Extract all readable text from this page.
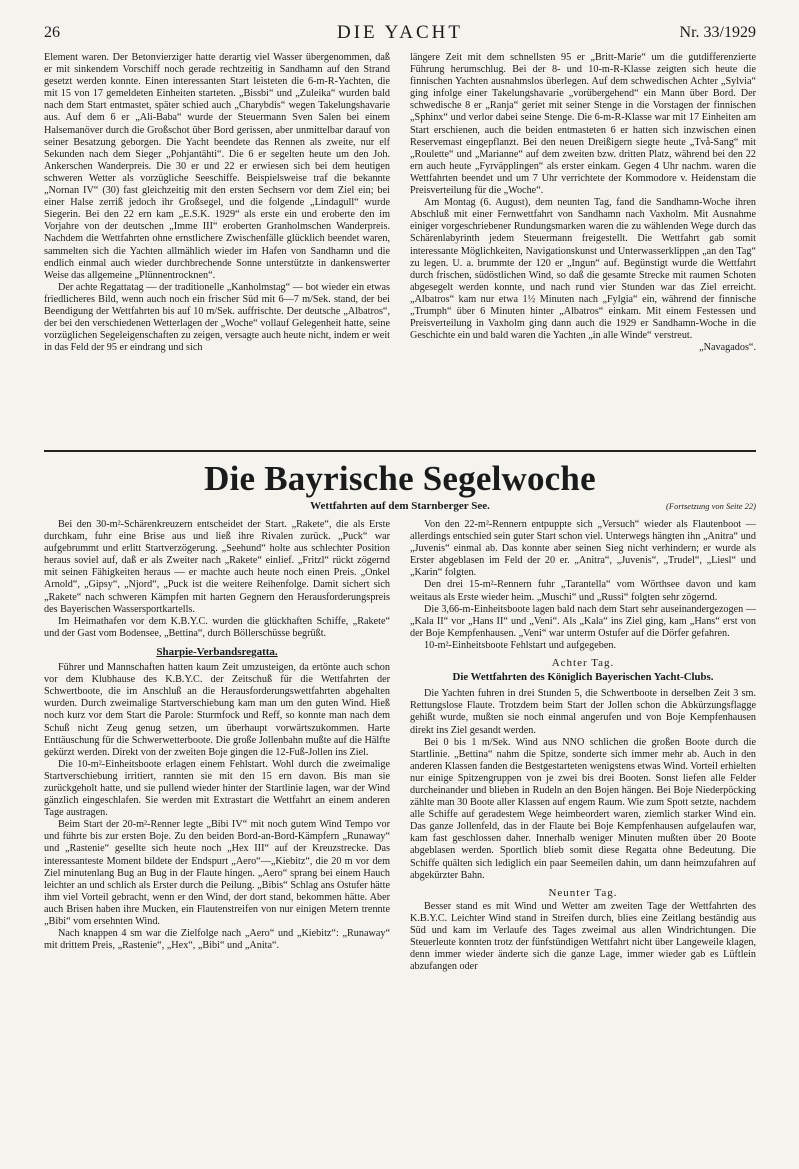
26	DIE YACHT	Nr. 33/1929

Element waren. Der Betonvierziger hatte derartig viel Wasser übergenommen, daß er mit sinkendem Vorschiff noch gerade rechtzeitig in Sandhamn auf den Strand gesetzt werden konnte. Einen interessanten Start leisteten die 6-m-R-Yachten, die mit 15 von 17 gemeldeten Einheiten starteten. „Bissbi“ und „Zuleika“ wurden bald nach dem Start entmastet, später schied auch „Charybdis“ wegen Takelungshavarie aus. Auf dem 6 er „Ali-Baba“ wurde der Steuermann Sven Salen bei einem Halsemanöver durch die Großschot über Bord gerissen, aber unmittelbar darauf von seiner Besatzung geborgen. Die Yacht beendete das Rennen als zweite, nur elf Sekunden nach dem Sieger „Pohjantähti“. Die 6 er segelten heute um den Joh. Ankerschen Wanderpreis. Die 30 er und 22 er erwiesen sich bei dem heutigen schweren Wetter als vorzügliche Seeschiffe. Beispielsweise traf die bekannte „Nornan IV“ (30) fast gleichzeitig mit den ersten Sechsern vor dem Ziel ein; bei einer Halse zerriß jedoch ihr Großsegel, und die folgende „Lindagull“ wurde Siegerin. Bei den 22 ern kam „E.S.K. 1929“ als erste ein und eroberte den im Vorjahre von der deutschen „Imme III“ eroberten Granholmschen Wanderpreis. Nachdem die Wettfahrten ohne ernstlichere Zwischenfälle glücklich beendet waren, sammelten sich die Yachten allmählich wieder im Hafen von Sandhamn und die endlich einmal auch wieder durchbrechende Sonne unterstützte in dankenswerter Weise das allgemeine „Plünnentrocknen“.

Der achte Regattatag — der traditionelle „Kanholmstag“ — bot wieder ein etwas friedlicheres Bild, wenn auch noch ein frischer Süd mit 6—7 m/Sek. stand, der bei Beendigung der Wettfahrten bis auf 10 m/Sek. auffrischte. Der deutsche „Albatros“, der bei den verschiedenen Wetterlagen der „Woche“ vollauf Gelegenheit hatte, seine vorzüglichen Segeleigenschaften zu zeigen, versagte auch heute nicht, indem er weit in das Feld der 95 er eindrang und sich

längere Zeit mit dem schnellsten 95 er „Britt-Marie“ um die gutdifferenzierte Führung herumschlug. Bei der 8- und 10-m-R-Klasse zeigten sich heute die finnischen Yachten ausnahmslos überlegen. Auf dem schwedischen Achter „Sylvia“ ging infolge einer Takelungshavarie „vorübergehend“ ein Mann über Bord. Der schwedische 8 er „Ranja“ geriet mit seiner Stenge in die Vorstagen der finnischen „Sphinx“ und verlor dabei seine Stenge. Die 6-m-R-Klasse war mit 17 Einheiten am Start erschienen, auch die beiden entmasteten 6 er hatten sich inzwischen einen Reservemast eingepflanzt. Bei den neuen Dreißigern siegte heute „Två-Sang“ mit „Roulette“ und „Marianne“ auf dem zweiten bzw. dritten Platz, während bei den 22 ern auch heute „Fyrväpplingen“ als erster einkam. Gegen 4 Uhr nachm. waren die Wettfahrten beendet und um 7 Uhr verrichtete der Kommodore v. Heidenstam die Preisverteilung für die „Woche“.

Am Montag (6. August), dem neunten Tag, fand die Sandhamn-Woche ihren Abschluß mit einer Fernwettfahrt von Sandhamn nach Vaxholm. Mit Ausnahme einiger vorgeschriebener Rundungsmarken waren die zu wählenden Wege durch das Schärenlabyrinth jedem Steuermann freigestellt. Die Wettfahrt gab somit interessante Möglichkeiten, Navigationskunst und Unterwasserklippen „an den Tag“ zu legen. U. a. brummte der 120 er „Ingun“ auf. Begünstigt wurde die Wettfahrt durch frischen, südöstlichen Wind, so daß die gesamte Strecke mit raumen Schoten abgesegelt werden konnte, und nach rund vier Stunden war das Ziel erreicht. „Albatros“ kam nur etwa 1½ Minuten nach „Fylgia“ ein, während der finnische „Trumph“ über 6 Minuten hinter „Albatros“ einkam. Mit einem Festessen und Preisverteilung in Vaxholm ging dann auch die 1929 er Sandhamn-Woche in die Geschichte ein und bald waren die Yachten „in alle Winde“ verstreut.

„Navagados“.

Die Bayrische Segelwoche
Wettfahrten auf dem Starnberger See.	(Fortsetzung von Seite 22)

Bei den 30-m²-Schärenkreuzern entscheidet der Start. „Rakete“, die als Erste durchkam, fuhr eine Brise aus und ließ ihre Rivalen zurück. „Puck“ war aufgebrummt und erlitt Startverzögerung. „Seehund“ holte aus schlechter Position heraus soviel auf, daß er als Zweiter nach „Rakete“ einlief. „Fritzl“ rückt zögernd mit seinen Fähigkeiten heraus — er machte auch heute noch einen Preis. „Onkel Arnold“, „Gipsy“, „Njord“, „Puck ist die weitere Reihenfolge. Damit sichert sich „Rakete“ nach schweren Kämpfen mit harten Gegnern den Herausforderungspreis des Bayerischen Wassersportkartells.

Im Heimathafen vor dem K.B.Y.C. wurden die glückhaften Schiffe, „Rakete“ und der Gast vom Bodensee, „Bettina“, durch Böllerschüsse begrüßt.

Sharpie-Verbandsregatta.

Führer und Mannschaften hatten kaum Zeit umzusteigen, da ertönte auch schon vor dem Klubhause des K.B.Y.C. der Zeitschuß für die Wettfahrten der Schwertboote, die im Anschluß an die Herausforderungswettfahrten abgehalten wurden. Durch zweimalige Startverschiebung kam man um den guten Wind. Hieß noch kurz vor dem Start die Parole: Sturmfock und Reff, so konnte man nach dem Schuß nicht Zeug genug setzen, um überhaupt vorwärtszukommen. Harte Enttäuschung für die Schwerwetterboote. Die große Jollenbahn mußte auf die Hälfte gekürzt werden. Direkt von der zweiten Boje gingen die 12-Fuß-Jollen ins Ziel.

Die 10-m²-Einheitsboote erlagen einem Fehlstart. Wohl durch die zweimalige Startverschiebung irritiert, rannten sie mit den 15 ern davon. Bis man sie zurückgeholt hatte, und sie pullend wieder hinter der Startlinie lagen, war der Wind gänzlich eingeschlafen. Sie werden mit Extrastart die Wettfahrt an einem anderen Tage austragen.

Beim Start der 20-m²-Renner legte „Bibi IV“ mit noch gutem Wind Tempo vor und führte bis zur ersten Boje. Zu den beiden Bord-an-Bord-Kämpfern „Runaway“ und „Rastenie“ gesellte sich heute noch „Hex III“ auf der Kreuzstrecke. Das interessanteste Moment bildete der Endspurt „Aero“—„Kiebitz“, die 20 m vor dem Ziel minutenlang Bug an Bug in der Flaute hingen. „Aero“ sprang bei einem Hauch leichter an und schlich als Erster durch die Peilung. „Bibis“ Schlag ans Ostufer hätte ihm viel Vorteil gebracht, wenn er den Wind, der dort stand, bekommen hätte. Aber auch Brisen haben ihre Mucken, ein Flautenstreifen von nur einigen Metern trennte „Bibi“ vom ersehnten Wind.

Nach knappen 4 sm war die Zielfolge nach „Aero“ und „Kiebitz“: „Runaway“ mit drittem Preis, „Rastenie“, „Hex“, „Bibi“ und „Anita“.

Von den 22-m²-Rennern entpuppte sich „Versuch“ wieder als Flautenboot — allerdings entschied sein guter Start schon viel. Unterwegs hängten ihn „Anitra“ und „Juvenis“ einmal ab. Das konnte aber seinen Sieg nicht verhindern; er wurde als Erster abgeblasen im Feld der 20 er. „Anitra“, „Juvenis“, „Trudel“, „Liesl“ und „Karin“ folgten.

Den drei 15-m²-Rennern fuhr „Tarantella“ vom Wörthsee davon und kam weitaus als Erste wieder heim. „Muschi“ und „Russi“ folgten sehr zögernd.

Die 3,66-m-Einheitsboote lagen bald nach dem Start sehr auseinandergezogen — „Kala II“ vor „Hans II“ und „Veni“. Als „Kala“ ins Ziel ging, kam „Hans“ erst von der Boje Kempfenhausen. „Veni“ war unterm Ostufer auf die Dörfer gefahren.

10-m²-Einheitsboote Fehlstart und aufgegeben.

Achter Tag.
Die Wettfahrten des Königlich Bayerischen Yacht-Clubs.

Die Yachten fuhren in drei Stunden 5, die Schwertboote in derselben Zeit 3 sm. Rettungslose Flaute. Trotzdem beim Start der Jollen schon die Abkürzungsflagge gehißt wurde, mußten sie noch einmal angerufen und von Boje Kempfenhausen direkt ins Ziel gesandt werden.

Bei 0 bis 1 m/Sek. Wind aus NNO schlichen die großen Boote durch die Startlinie. „Bettina“ nahm die Spitze, sonderte sich immer mehr ab. Auch in den anderen Klassen fanden die Bestgestarteten wenigstens etwas Wind. Vorteil erhielten nur einige Spitzengruppen von je zwei bis drei Booten. Sonst liefen alle Felder durcheinander und blieben in Rudeln an den Bojen hängen. Bei Boje Niederpöcking zählte man 30 Boote aller Klassen auf engem Raum. Wie zum Spott setzte, nachdem alle Schiffe auf geradestem Wege heimbeordert waren, ziemlich starker Wind ein. Das ganze Jollenfeld, das in der Flaute bei Boje Kempfenhausen aufgelaufen war, kam fast geschlossen daher. Innerhalb weniger Minuten mußten über 20 Boote abgeblasen werden. Sportlich blieb somit diese Regatta ohne Bedeutung. Die Schiffe quälten sich lediglich ein paar Seemeilen dahin, um dann heimzufahren auf abgekürzter Bahn.

Neunter Tag.

Besser stand es mit Wind und Wetter am zweiten Tage der Wettfahrten des K.B.Y.C. Leichter Wind stand in Streifen durch, blies eine Zeitlang beständig aus Süd und kam im Verlaufe des Tages zweimal aus allen Windrichtungen. Die Steuerleute konnten trotz der fünfstündigen Wettfahrt nicht über Langeweile klagen, denn immer wieder änderte sich die ganze Lage, immer wieder gab es Lüftlein abzufangen oder
